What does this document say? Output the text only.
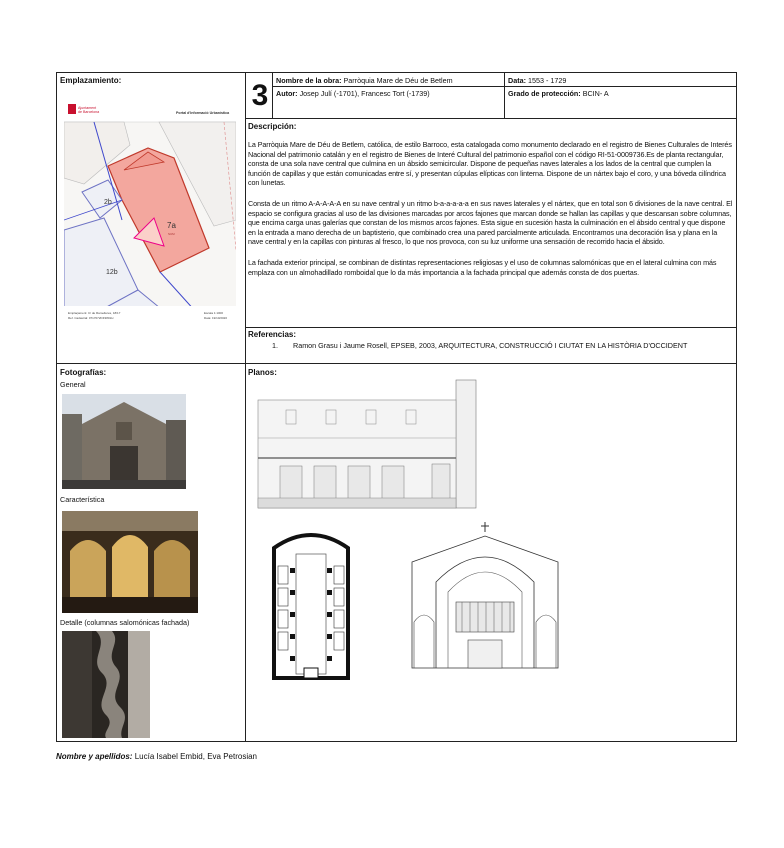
Emplazamiento:
Ajuntament
de Barcelona	Portal d'Informació Urbanística
7a
SUM
2b
12b
Emplaçament: C/ de Ramelleres, 18/17
Ref. Cadastral: 0717072DF3801H
Escala 1:1000
Data: 19/10/2020
3	Nombre de la obra: Parròquia Mare de Déu de Betlem	Data: 1553 - 1729
Autor: Josep Julí (-1701), Francesc Tort (-1739)	Grado de protección: BCIN- A
Descripción:

La Parròquia Mare de Déu de Betlem, católica, de estilo Barroco, esta catalogada como monumento declarado en el registro de Bienes Culturales de Interés Nacional del patrimonio catalán y en el registro de Bienes de Interé Cultural del patrimonio español con el código RI-51-0009736.Es de planta rectangular, consta de una sola nave central que culmina en un ábsido semicircular. Dispone de pequeñas naves laterales a los lados de la central que cumplen la función de capillas y que están comunicadas entre sí, y presentan cúpulas elípticas con linterna. Dispone de un nártex bajo el coro, y una bóveda cilíndrica con lunetas.

Consta de un ritmo A-A-A-A-A en su nave central y un ritmo b-a-a-a-a-a en sus naves laterales y el nártex, que en total son 6 divisiones de la nave central. El espacio se configura gracias al uso de las divisiones marcadas por arcos fajones que marcan donde se hallan las capillas y que descansan sobre columnas, que encima carga unas galerías que constan de los mismos arcos fajones. Esta sigue en sucesión hasta la culminación en el ábsido central y que dispone en la entrada a mano derecha de un baptisterio, que combinado crea una pared parcialmente articulada. Encontramos una decoración lisa y plana en la nave central y en la capillas con pinturas al fresco, lo que nos provoca, con su luz uniforme una sensación de recorrido hacia el ábsido.

La fachada exterior principal, se combinan de distintas representaciones religiosas y el uso de columnas salomónicas que en el lateral culmina con más emplaza con un almohadillado romboidal que lo da más importancia a la fachada principal que además consta de dos puertas.

Referencias:
1. Ramon Grasu i Jaume Rosell, EPSEB, 2003, ARQUITECTURA, CONSTRUCCIÓ I CIUTAT EN LA HISTÒRIA D'OCCIDENT
Fotografías:
General
Característica
Detalle (columnas salomónicas fachada)
Planos:
Nombre y apellidos: Lucía Isabel Embid, Eva Petrosian
